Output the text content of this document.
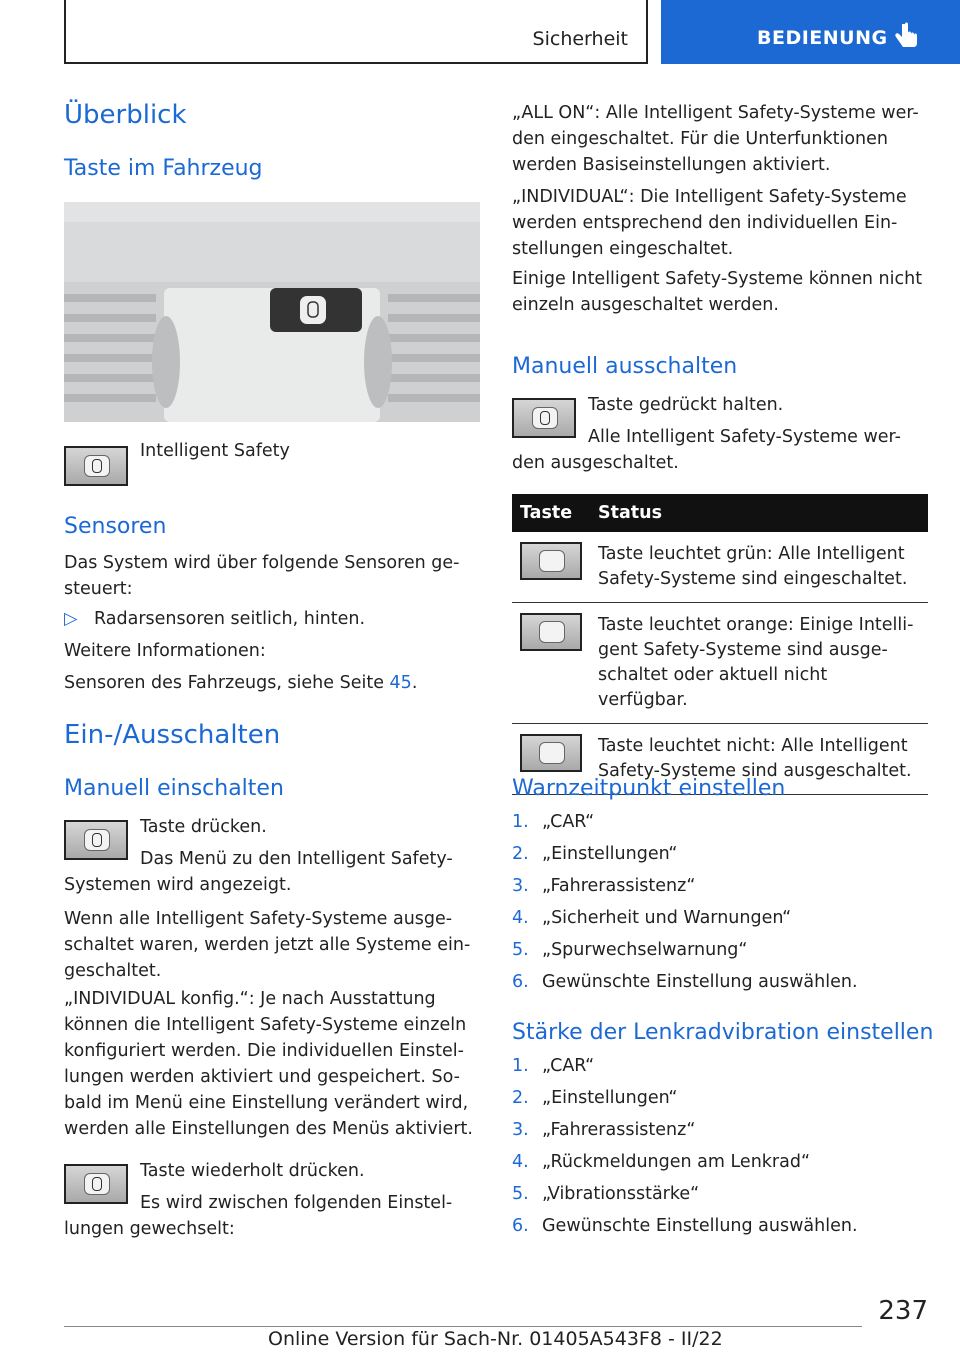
Sicherheit	BEDIENUNG
Überblick
Taste im Fahrzeug

Intelligent Safety

Sensoren

Das System wird über folgende Sensoren ge-steuert:

▷ Radarsensoren seitlich, hinten.

Weitere Informationen:

Sensoren des Fahrzeugs, siehe Seite 45.

Ein-/Ausschalten
Manuell einschalten

Taste drücken.

Das Menü zu den Intelligent Safety-Systemen wird angezeigt.

Wenn alle Intelligent Safety-Systeme ausge-schaltet waren, werden jetzt alle Systeme ein-geschaltet.

„INDIVIDUAL konfig.“: Je nach Ausstattung können die Intelligent Safety-Systeme einzeln konfiguriert werden. Die individuellen Einstel-lungen werden aktiviert und gespeichert. So-bald im Menü eine Einstellung verändert wird, werden alle Einstellungen des Menüs aktiviert.

Taste wiederholt drücken.

Es wird zwischen folgenden Einstel-lungen gewechselt:

„ALL ON“: Alle Intelligent Safety-Systeme wer-den eingeschaltet. Für die Unterfunktionen werden Basiseinstellungen aktiviert.

„INDIVIDUAL“: Die Intelligent Safety-Systeme werden entsprechend den individuellen Ein-stellungen eingeschaltet.

Einige Intelligent Safety-Systeme können nicht einzeln ausgeschaltet werden.

Manuell ausschalten

Taste gedrückt halten.

Alle Intelligent Safety-Systeme wer-den ausgeschaltet.

Taste	Status

	Taste leuchtet grün: Alle Intelligent Safety-Systeme sind eingeschaltet.

	Taste leuchtet orange: Einige Intelli-gent Safety-Systeme sind ausge-schaltet oder aktuell nicht verfügbar.

	Taste leuchtet nicht: Alle Intelligent Safety-Systeme sind ausgeschaltet.
Warnzeitpunkt einstellen
1. „CAR“
2. „Einstellungen“
3. „Fahrerassistenz“
4. „Sicherheit und Warnungen“
5. „Spurwechselwarnung“
6. Gewünschte Einstellung auswählen.
Stärke der Lenkradvibration einstellen
1. „CAR“
2. „Einstellungen“
3. „Fahrerassistenz“
4. „Rückmeldungen am Lenkrad“
5. „Vibrationsstärke“
6. Gewünschte Einstellung auswählen.
237
Online Version für Sach-Nr. 01405A543F8 - II/22
